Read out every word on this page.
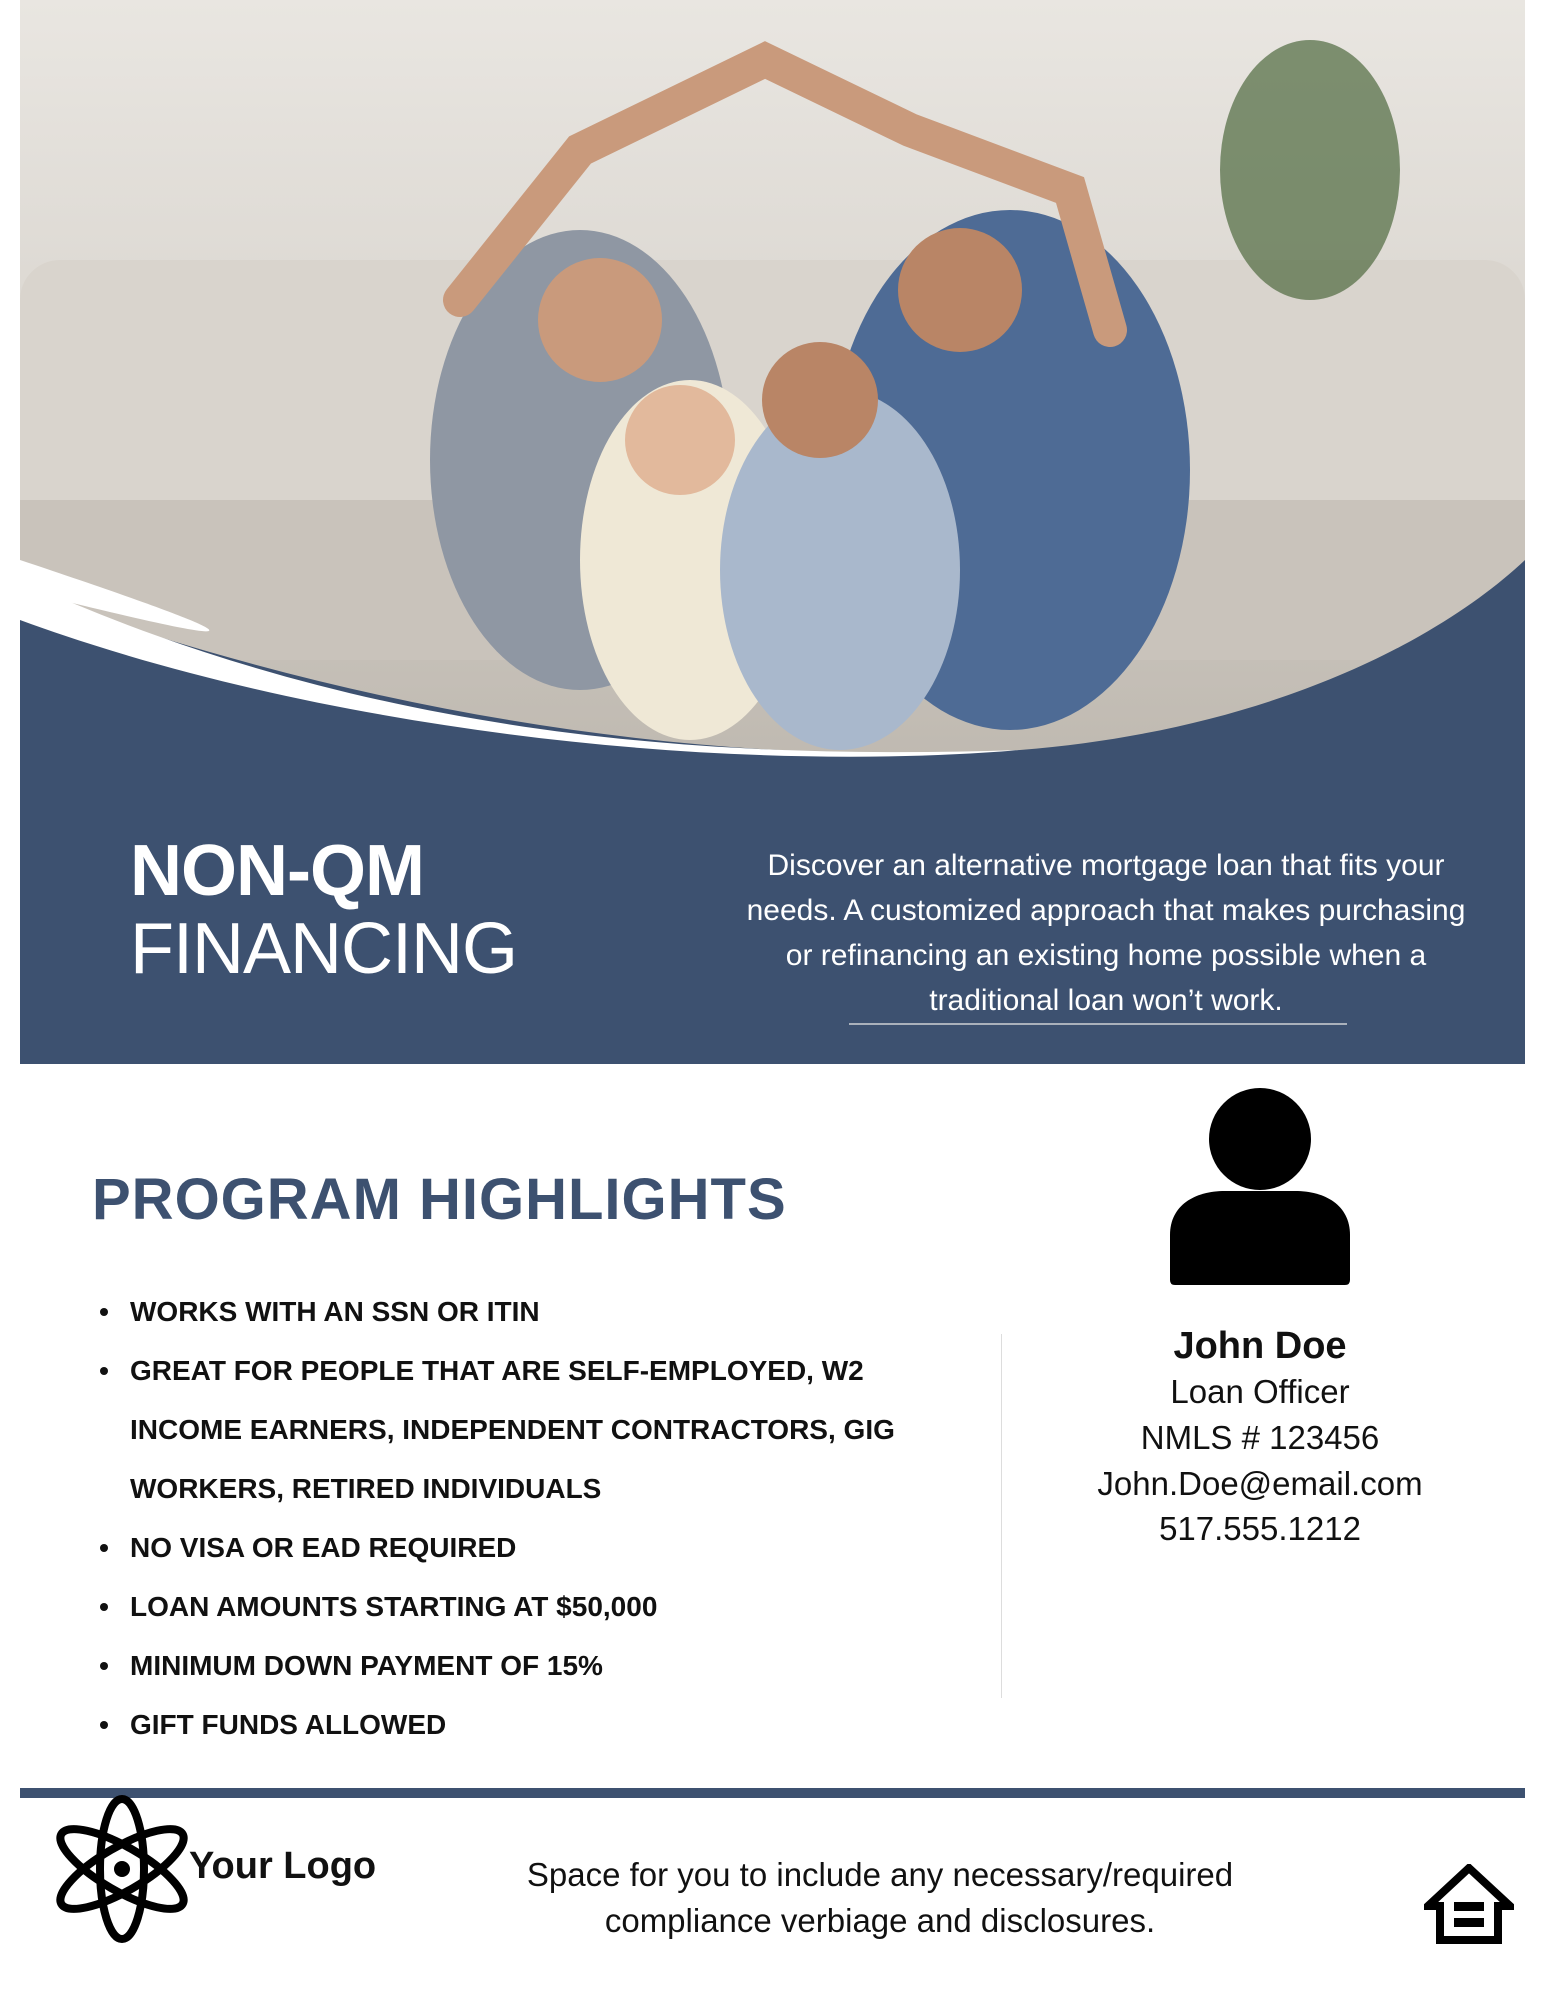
NON-QM
FINANCING
Discover an alternative mortgage loan that fits your needs. A customized approach that makes purchasing or refinancing an existing home possible when a traditional loan won’t work.
PROGRAM HIGHLIGHTS
WORKS WITH AN SSN OR ITIN
GREAT FOR PEOPLE THAT ARE SELF-EMPLOYED, W2 INCOME EARNERS, INDEPENDENT CONTRACTORS, GIG WORKERS, RETIRED INDIVIDUALS
NO VISA OR EAD REQUIRED
LOAN AMOUNTS STARTING AT $50,000
MINIMUM DOWN PAYMENT OF 15%
GIFT FUNDS ALLOWED
John Doe
Loan Officer
NMLS # 123456
John.Doe@email.com
517.555.1212
Your Logo	Space for you to include any necessary/required compliance verbiage and disclosures.
